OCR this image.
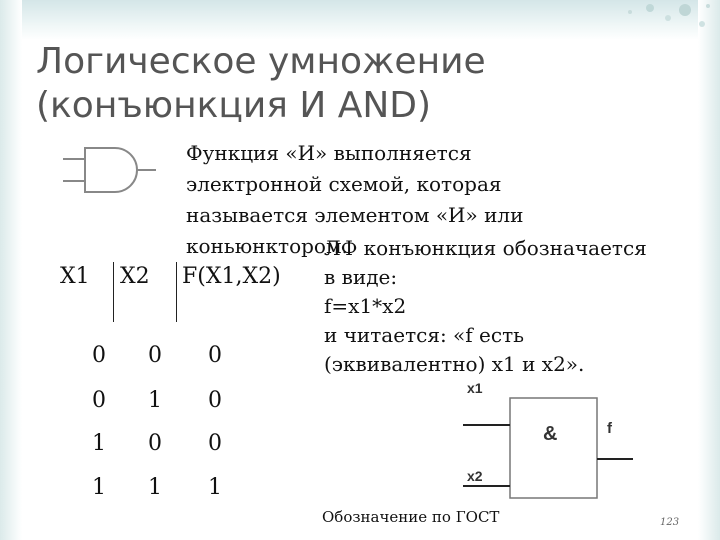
Логическое умножение
(конъюнкция И AND)

Функция «И» выполняется

электронной схемой, которая

называется элементом «И» или

коньюнктором.

ЛФ конъюнкция обозначается

в виде:

f=x1*x2

и читается: «f есть

(эквивалентно) x1 и x2».

X1 X2 F(X1,X2)
0	0	0
0	1	0
1	0	0
1	1	1
&
x1
x2
f
Обозначение по ГОСТ	123
